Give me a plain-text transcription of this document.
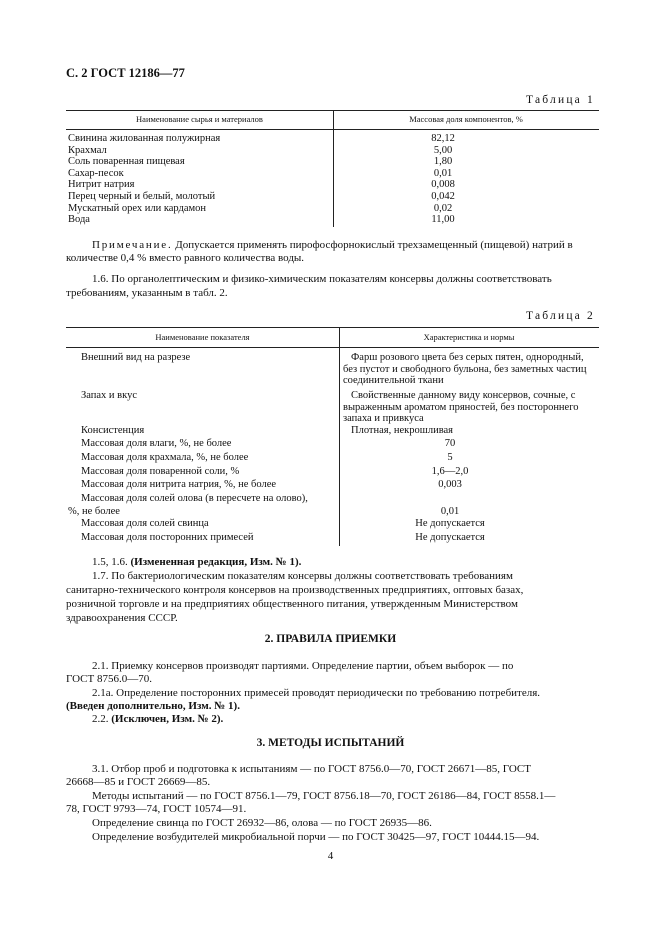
С. 2 ГОСТ 12186—77
Таблица 1
Наименование сырья и материалов	Массовая доля компонентов, %
Свинина жилованная полужирная
Крахмал
Соль поваренная пищевая
Сахар-песок
Нитрит натрия
Перец черный и белый, молотый
Мускатный орех или кардамон
Вода
82,12
5,00
1,80
0,01
0,008
0,042
0,02
11,00
Примечание. Допускается применять пирофосфорнокислый трехзамещенный (пищевой) натрий в
количестве 0,4 % вместо равного количества воды.
1.6. По органолептическим и физико-химическим показателям консервы должны соответствовать
требованиям, указанным в табл. 2.
Таблица 2
Наименование показателя	Характеристика и нормы
Внешний вид на разрезе
Запах и вкус
Консистенция
Массовая доля влаги, %, не более
Массовая доля крахмала, %, не более
Массовая доля поваренной соли, %
Массовая доля нитрита натрия, %, не более
Массовая доля солей олова (в пересчете на олово),
%, не более
Массовая доля солей свинца
Массовая доля посторонних примесей
Фарш розового цвета без серых пятен, однородный,
без пустот и свободного бульона, без заметных частиц
соединительной ткани
Свойственные данному виду консервов, сочные, с
выраженным ароматом пряностей, без постороннего
запаха и привкуса
Плотная, некрошливая
70
5
1,6—2,0
0,003
0,01
Не допускается
Не допускается
1.5, 1.6. (Измененная редакция, Изм. № 1).
1.7. По бактериологическим показателям консервы должны соответствовать требованиям
санитарно-технического контроля консервов на производственных предприятиях, оптовых базах,
розничной торговле и на предприятиях общественного питания, утвержденным Министерством
здравоохранения СССР.
2. ПРАВИЛА ПРИЕМКИ
2.1. Приемку консервов производят партиями. Определение партии, объем выборок — по
ГОСТ 8756.0—70.
2.1а. Определение посторонних примесей проводят периодически по требованию потребителя.
(Введен дополнительно, Изм. № 1).
2.2. (Исключен, Изм. № 2).
3. МЕТОДЫ ИСПЫТАНИЙ
3.1. Отбор проб и подготовка к испытаниям — по ГОСТ 8756.0—70, ГОСТ 26671—85, ГОСТ
26668—85 и ГОСТ 26669—85.
Методы испытаний — по ГОСТ 8756.1—79, ГОСТ 8756.18—70, ГОСТ 26186—84, ГОСТ 8558.1—
78, ГОСТ 9793—74, ГОСТ 10574—91.
Определение свинца по ГОСТ 26932—86, олова — по ГОСТ 26935—86.
Определение возбудителей микробиальной порчи — по ГОСТ 30425—97, ГОСТ 10444.15—94.
4
